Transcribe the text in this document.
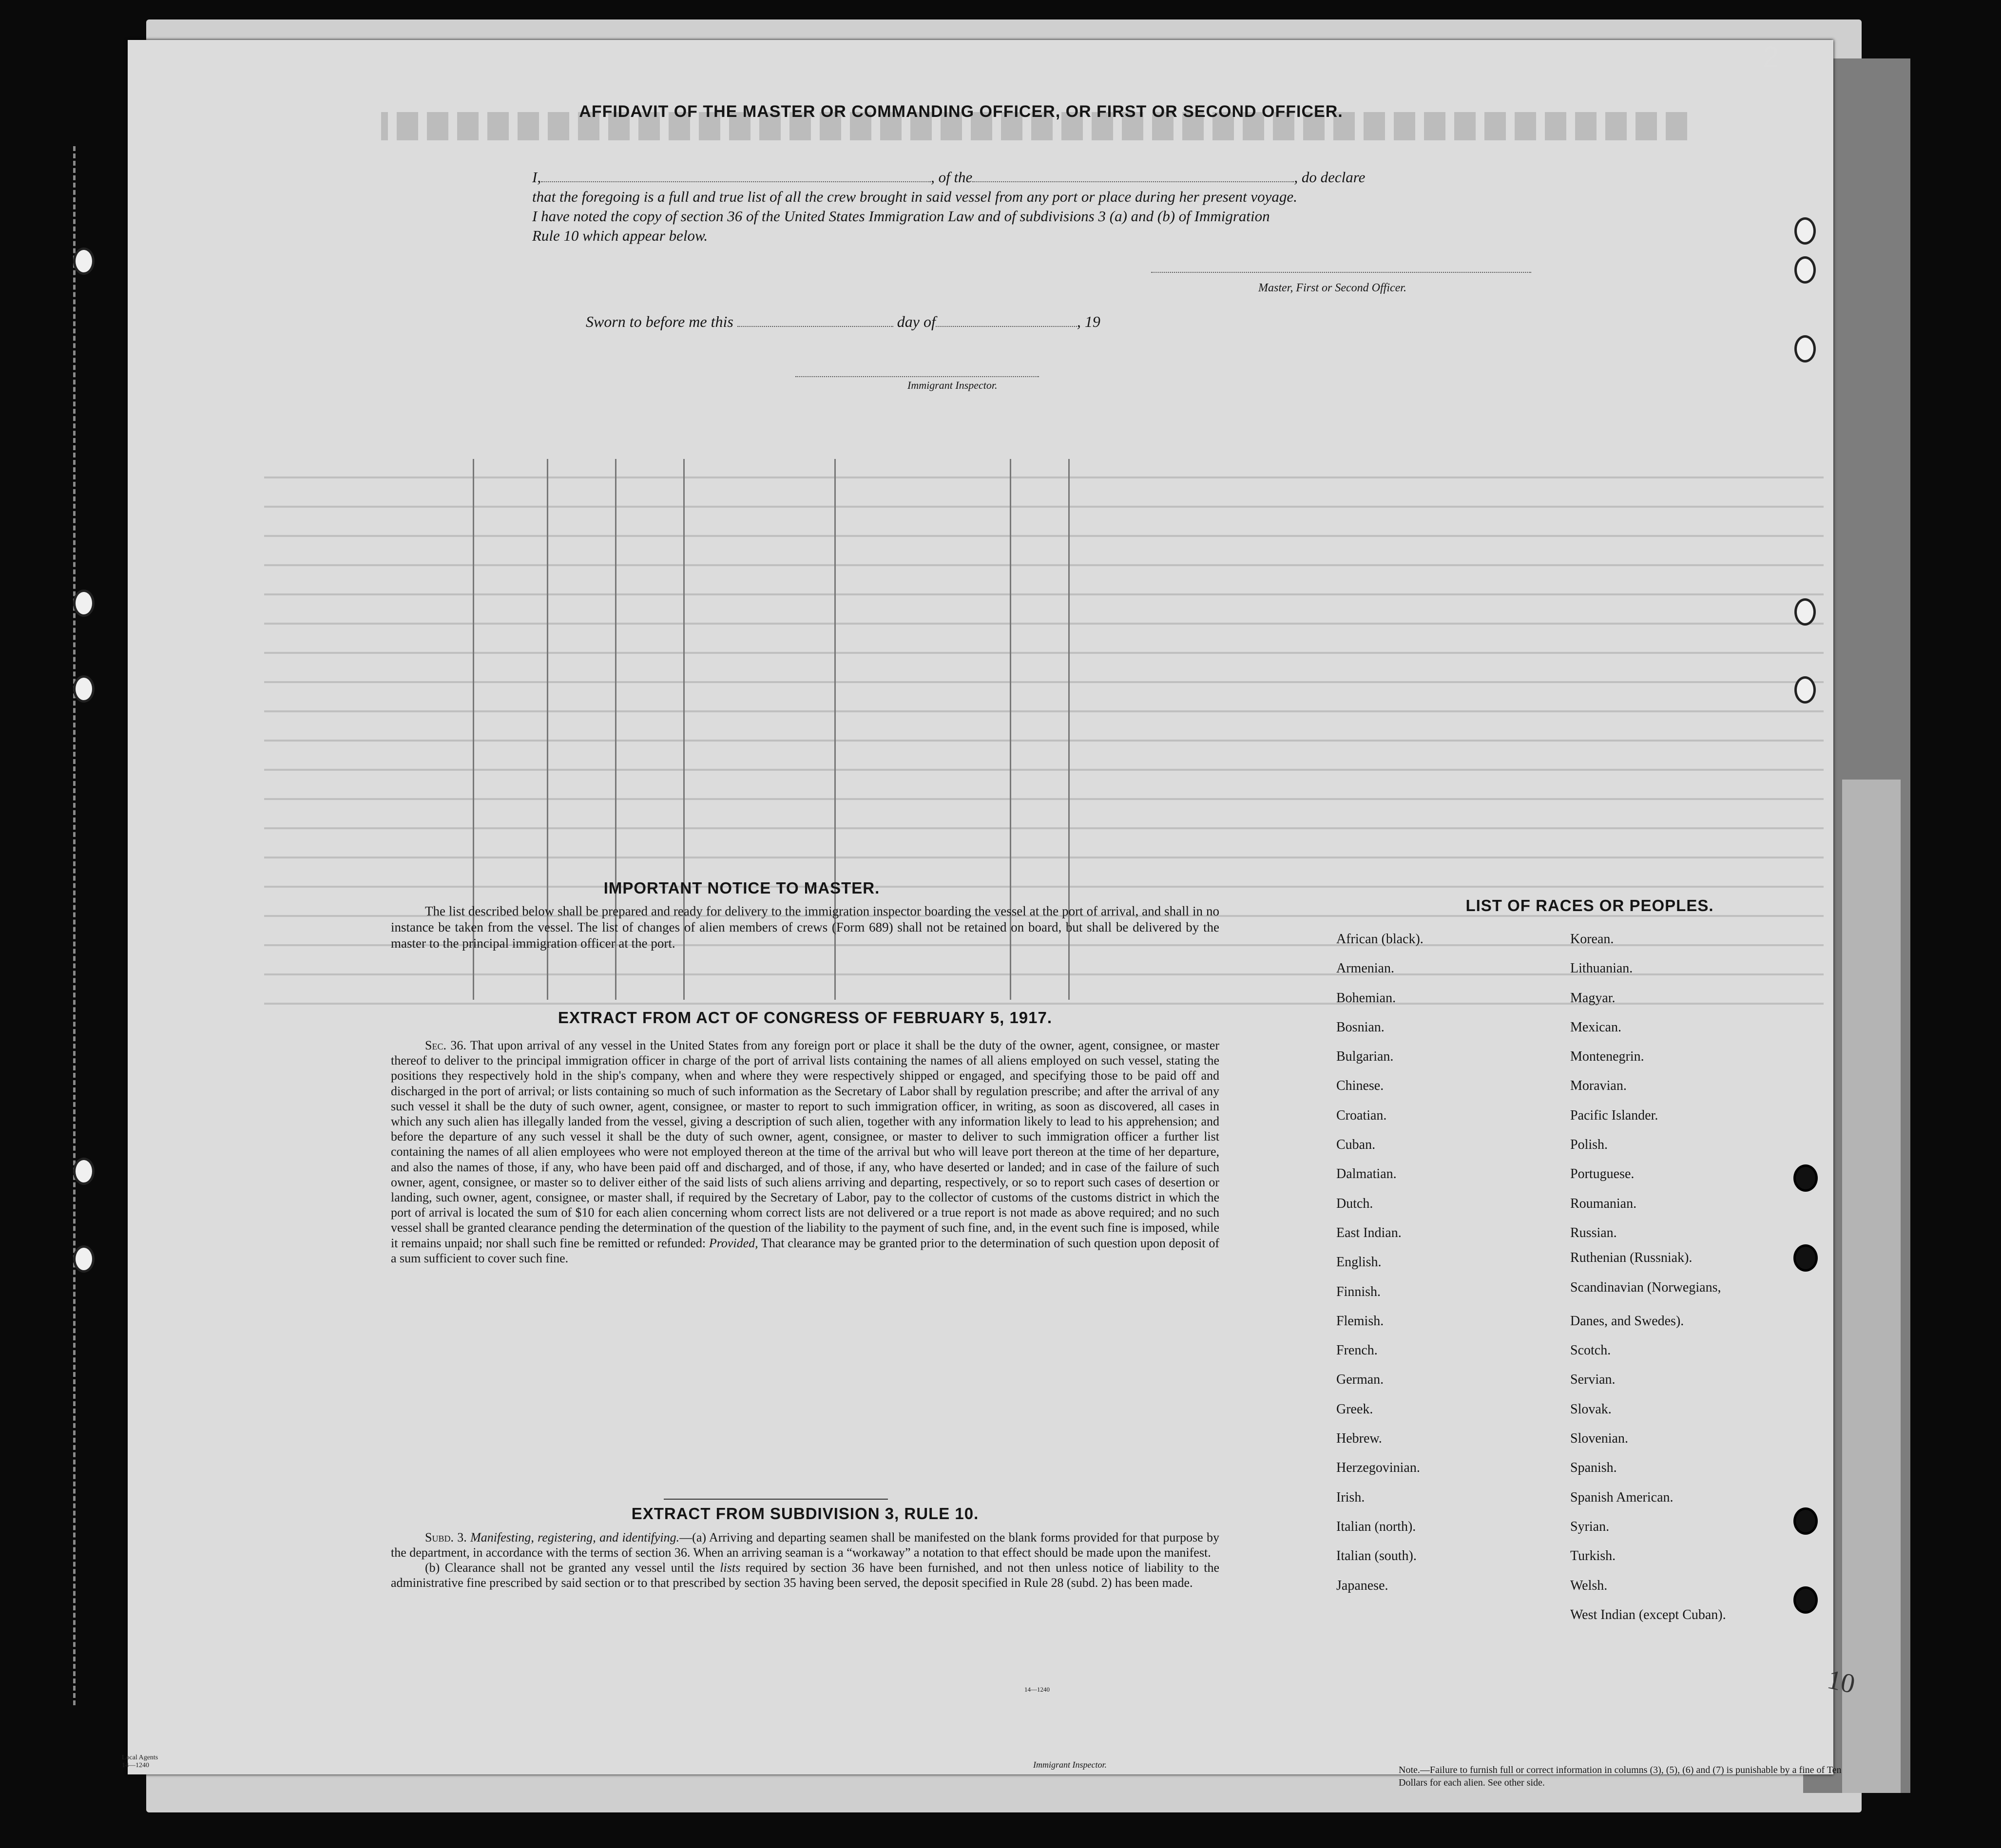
2
AFFIDAVIT OF THE MASTER OR COMMANDING OFFICER, OR FIRST OR SECOND OFFICER.
I,	, of the	, do declare
that the foregoing is a full and true list of all the crew brought in said vessel from any port or place during her present voyage.
I have noted the copy of section 36 of the United States Immigration Law and of subdivisions 3 (a) and (b) of Immigration
Rule 10 which appear below.
Master, First or Second Officer.
Sworn to before me this	day of	, 19
Immigrant Inspector.
IMPORTANT NOTICE TO MASTER.
The list described below shall be prepared and ready for delivery to the immigration inspector boarding the vessel at the port of arrival, and shall in no instance be taken from the vessel. The list of changes of alien members of crews (Form 689) shall not be retained on board, but shall be delivered by the master to the principal immigration officer at the port.
EXTRACT FROM ACT OF CONGRESS OF FEBRUARY 5, 1917.
Sec. 36. That upon arrival of any vessel in the United States from any foreign port or place it shall be the duty of the owner, agent, consignee, or master thereof to deliver to the principal immigration officer in charge of the port of arrival lists containing the names of all aliens employed on such vessel, stating the positions they respectively hold in the ship's company, when and where they were respectively shipped or engaged, and specifying those to be paid off and discharged in the port of arrival; or lists containing so much of such information as the Secretary of Labor shall by regulation prescribe; and after the arrival of any such vessel it shall be the duty of such owner, agent, consignee, or master to report to such immigration officer, in writing, as soon as discovered, all cases in which any such alien has illegally landed from the vessel, giving a description of such alien, together with any information likely to lead to his apprehension; and before the departure of any such vessel it shall be the duty of such owner, agent, consignee, or master to deliver to such immigration officer a further list containing the names of all alien employees who were not employed thereon at the time of the arrival but who will leave port thereon at the time of her departure, and also the names of those, if any, who have been paid off and discharged, and of those, if any, who have deserted or landed; and in case of the failure of such owner, agent, consignee, or master so to deliver either of the said lists of such aliens arriving and departing, respectively, or so to report such cases of desertion or landing, such owner, agent, consignee, or master shall, if required by the Secretary of Labor, pay to the collector of customs of the customs district in which the port of arrival is located the sum of $10 for each alien concerning whom correct lists are not delivered or a true report is not made as above required; and no such vessel shall be granted clearance pending the determination of the question of the liability to the payment of such fine, and, in the event such fine is imposed, while it remains unpaid; nor shall such fine be remitted or refunded: Provided, That clearance may be granted prior to the determination of such question upon deposit of a sum sufficient to cover such fine.
EXTRACT FROM SUBDIVISION 3, RULE 10.

Subd. 3. Manifesting, registering, and identifying.—(a) Arriving and departing seamen shall be manifested on the blank forms provided for that purpose by the department, in accordance with the terms of section 36. When an arriving seaman is a “workaway” a notation to that effect should be made upon the manifest.

(b) Clearance shall not be granted any vessel until the lists required by section 36 have been furnished, and not then unless notice of liability to the administrative fine prescribed by said section or to that prescribed by section 35 having been served, the deposit specified in Rule 28 (subd. 2) has been made.

14—1240
LIST OF RACES OR PEOPLES.
African (black).
Armenian.
Bohemian.
Bosnian.
Bulgarian.
Chinese.
Croatian.
Cuban.
Dalmatian.
Dutch.
East Indian.
English.
Finnish.
Flemish.
French.
German.
Greek.
Hebrew.
Herzegovinian.
Irish.
Italian (north).
Italian (south).
Japanese.
Korean.
Lithuanian.
Magyar.
Mexican.
Montenegrin.
Moravian.
Pacific Islander.
Polish.
Portuguese.
Roumanian.
Russian.
Ruthenian (Russniak).
Scandinavian (Norwegians,
Danes, and Swedes).
Scotch.
Servian.
Slovak.
Slovenian.
Spanish.
Spanish American.
Syrian.
Turkish.
Welsh.
West Indian (except Cuban).
Local Agents
14—1240	Immigrant Inspector.	Note.—Failure to furnish full or correct information in columns (3), (5), (6) and (7) is punishable by a fine of Ten Dollars for each alien. See other side.
10
